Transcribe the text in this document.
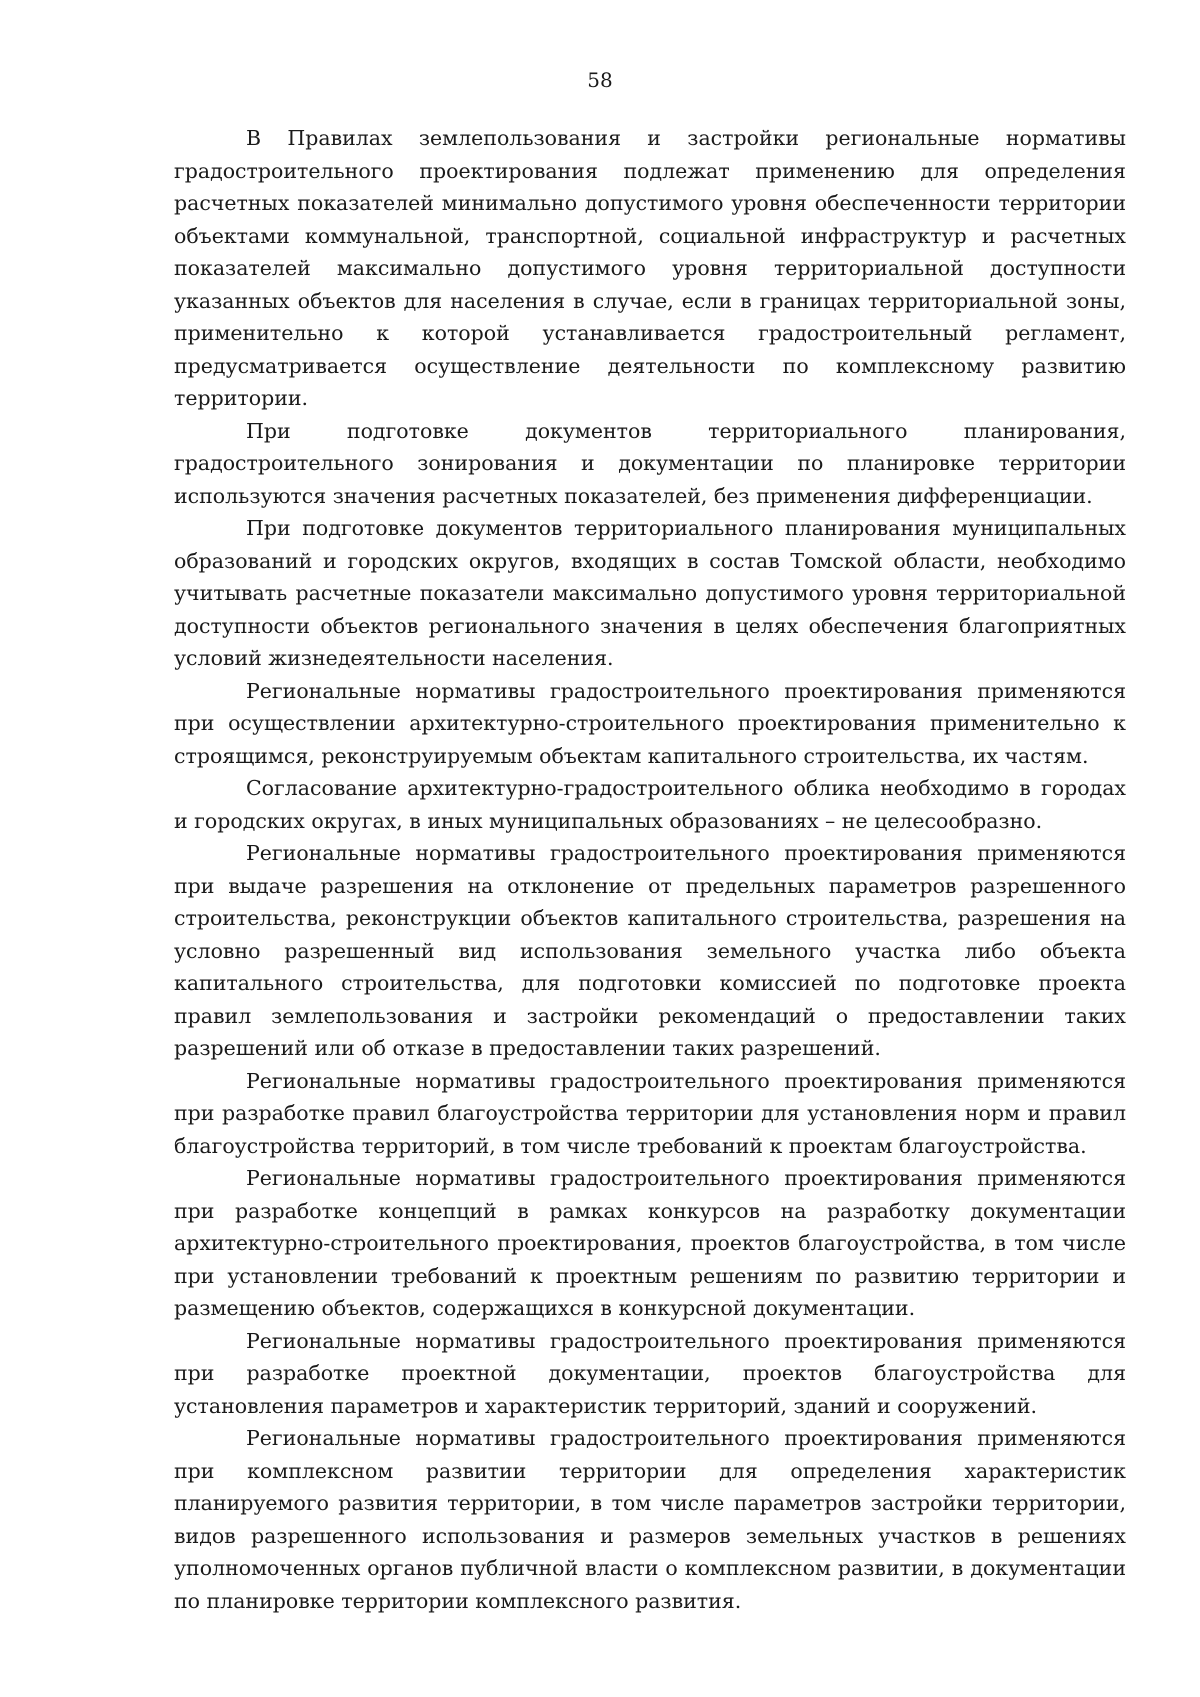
58

В Правилах землепользования и застройки региональные нормативы градостроительного проектирования подлежат применению для определения расчетных показателей минимально допустимого уровня обеспеченности территории объектами коммунальной, транспортной, социальной инфраструктур и расчетных показателей максимально допустимого уровня территориальной доступности указанных объектов для населения в случае, если в границах территориальной зоны, применительно к которой устанавливается градостроительный регламент, предусматривается осуществление деятельности по комплексному развитию территории.

При подготовке документов территориального планирования, градостроительного зонирования и документации по планировке территории используются значения расчетных показателей, без применения дифференциации.

При подготовке документов территориального планирования муниципальных образований и городских округов, входящих в состав Томской области, необходимо учитывать расчетные показатели максимально допустимого уровня территориальной доступности объектов регионального значения в целях обеспечения благоприятных условий жизнедеятельности населения.

Региональные нормативы градостроительного проектирования применяются при осуществлении архитектурно-строительного проектирования применительно к строящимся, реконструируемым объектам капитального строительства, их частям.

Согласование архитектурно-градостроительного облика необходимо в городах и городских округах, в иных муниципальных образованиях – не целесообразно.

Региональные нормативы градостроительного проектирования применяются при выдаче разрешения на отклонение от предельных параметров разрешенного строительства, реконструкции объектов капитального строительства, разрешения на условно разрешенный вид использования земельного участка либо объекта капитального строительства, для подготовки комиссией по подготовке проекта правил землепользования и застройки рекомендаций о предоставлении таких разрешений или об отказе в предоставлении таких разрешений.

Региональные нормативы градостроительного проектирования применяются при разработке правил благоустройства территории для установления норм и правил благоустройства территорий, в том числе требований к проектам благоустройства.

Региональные нормативы градостроительного проектирования применяются при разработке концепций в рамках конкурсов на разработку документации архитектурно-строительного проектирования, проектов благоустройства, в том числе при установлении требований к проектным решениям по развитию территории и размещению объектов, содержащихся в конкурсной документации.

Региональные нормативы градостроительного проектирования применяются при разработке проектной документации, проектов благоустройства для установления параметров и характеристик территорий, зданий и сооружений.

Региональные нормативы градостроительного проектирования применяются при комплексном развитии территории для определения характеристик планируемого развития территории, в том числе параметров застройки территории, видов разрешенного использования и размеров земельных участков в решениях уполномоченных органов публичной власти о комплексном развитии, в документации по планировке территории комплексного развития.
